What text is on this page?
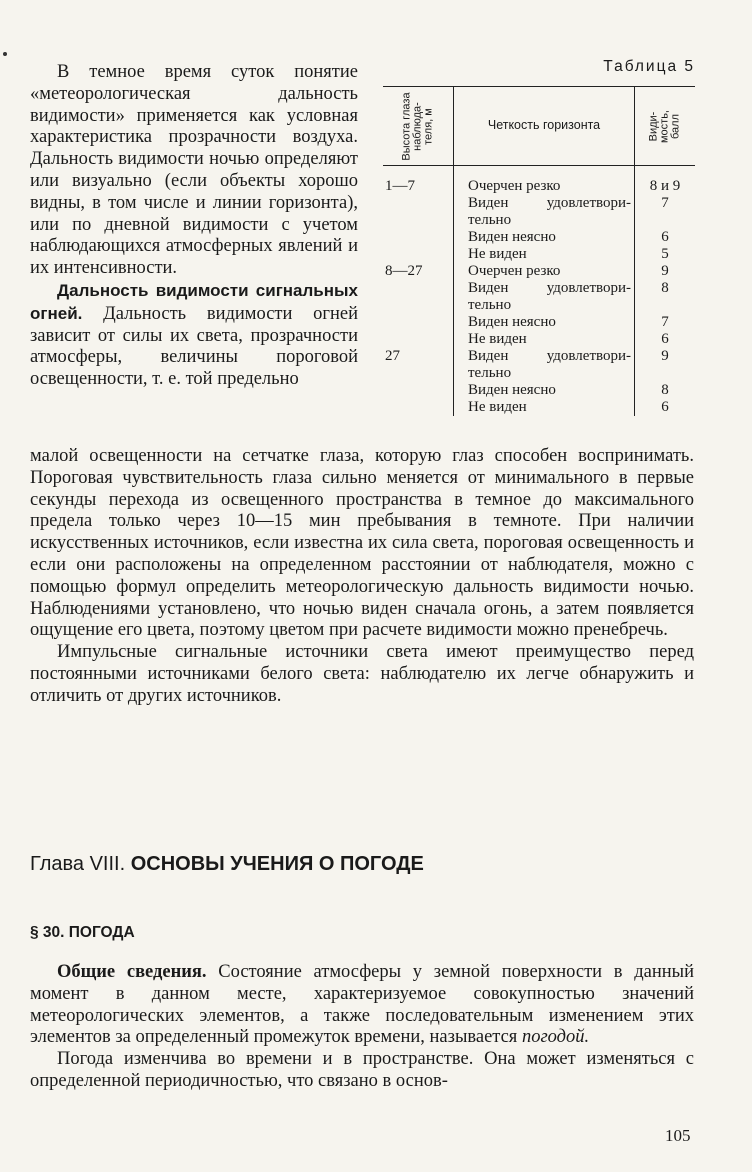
В темное время суток понятие «метеорологическая дальность видимости» применяется как условная характеристика прозрачности воздуха. Дальность видимости ночью определяют или визуально (если объекты хорошо видны, в том числе и линии горизонта), или по дневной видимости с учетом наблюдающихся атмосферных явлений и их интенсивности.

Дальность видимости сигнальных огней. Дальность видимости огней зависит от силы их света, прозрачности атмосферы, величины пороговой освещенности, т. е. той предельно

Таблица 5
Высота глаза наблюда-теля, м	Четкость горизонта	Види-мость, балл

1—7	Очерчен резко	8 и 9
	Виден удовлетвори-тельно	7
	Виден неясно	6
	Не виден	5
8—27	Очерчен резко	9
	Виден удовлетвори-тельно	8
	Виден неясно	7
	Не виден	6
27	Виден удовлетвори-тельно	9
	Виден неясно	8
	Не виден	6

малой освещенности на сетчатке глаза, которую глаз способен воспринимать. Пороговая чувствительность глаза сильно меняется от минимального в первые секунды перехода из освещенного пространства в темное до максимального предела только через 10—15 мин пребывания в темноте. При наличии искусственных источников, если известна их сила света, пороговая освещенность и если они расположены на определенном расстоянии от наблюдателя, можно с помощью формул определить метеорологическую дальность видимости ночью. Наблюдениями установлено, что ночью виден сначала огонь, а затем появляется ощущение его цвета, поэтому цветом при расчете видимости можно пренебречь.

Импульсные сигнальные источники света имеют преимущество перед постоянными источниками белого света: наблюдателю их легче обнаружить и отличить от других источников.

Глава VIII. ОСНОВЫ УЧЕНИЯ О ПОГОДЕ
§ 30. ПОГОДА

Общие сведения. Состояние атмосферы у земной поверхности в данный момент в данном месте, характеризуемое совокупностью значений метеорологических элементов, а также последовательным изменением этих элементов за определенный промежуток времени, называется погодой.

Погода изменчива во времени и в пространстве. Она может изменяться с определенной периодичностью, что связано в основ-

105
